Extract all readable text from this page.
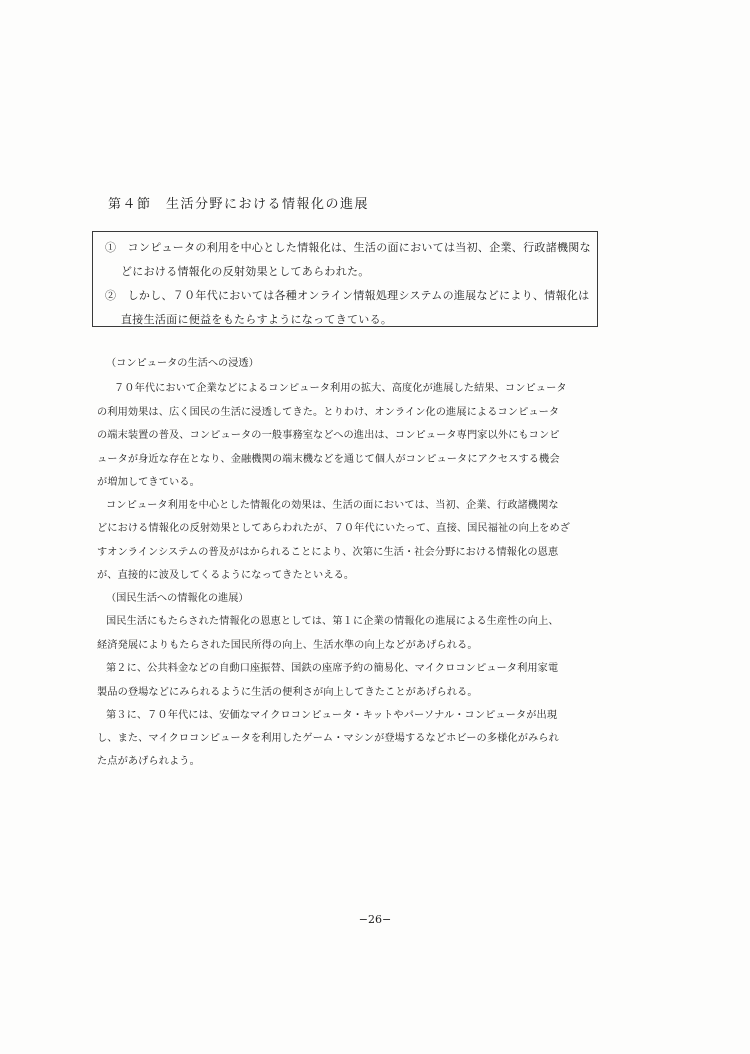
第４節　生活分野における情報化の進展
①　コンピュータの利用を中心とした情報化は、生活の面においては当初、企業、行政諸機関な
どにおける情報化の反射効果としてあらわれた。
②　しかし、７０年代においては各種オンライン情報処理システムの進展などにより、情報化は
直接生活面に便益をもたらすようになってきている。
（コンピュータの生活への浸透）
７０年代において企業などによるコンピュータ利用の拡大、高度化が進展した結果、コンピュータ
の利用効果は、広く国民の生活に浸透してきた。とりわけ、オンライン化の進展によるコンピュータ
の端末装置の普及、コンピュータの一般事務室などへの進出は、コンピュータ専門家以外にもコンピ
ュータが身近な存在となり、金融機関の端末機などを通じて個人がコンピュータにアクセスする機会
が増加してきている。
コンピュータ利用を中心とした情報化の効果は、生活の面においては、当初、企業、行政諸機関な
どにおける情報化の反射効果としてあらわれたが、７０年代にいたって、直接、国民福祉の向上をめざ
すオンラインシステムの普及がはかられることにより、次第に生活・社会分野における情報化の恩恵
が、直接的に波及してくるようになってきたといえる。
（国民生活への情報化の進展）
国民生活にもたらされた情報化の恩恵としては、第１に企業の情報化の進展による生産性の向上、
経済発展によりもたらされた国民所得の向上、生活水準の向上などがあげられる。
第２に、公共料金などの自動口座振替、国鉄の座席予約の簡易化、マイクロコンピュータ利用家電
製品の登場などにみられるように生活の便利さが向上してきたことがあげられる。
第３に、７０年代には、安価なマイクロコンピュータ・キットやパーソナル・コンピュータが出現
し、また、マイクロコンピュータを利用したゲーム・マシンが登場するなどホビーの多様化がみられ
た点があげられよう。
−26−
